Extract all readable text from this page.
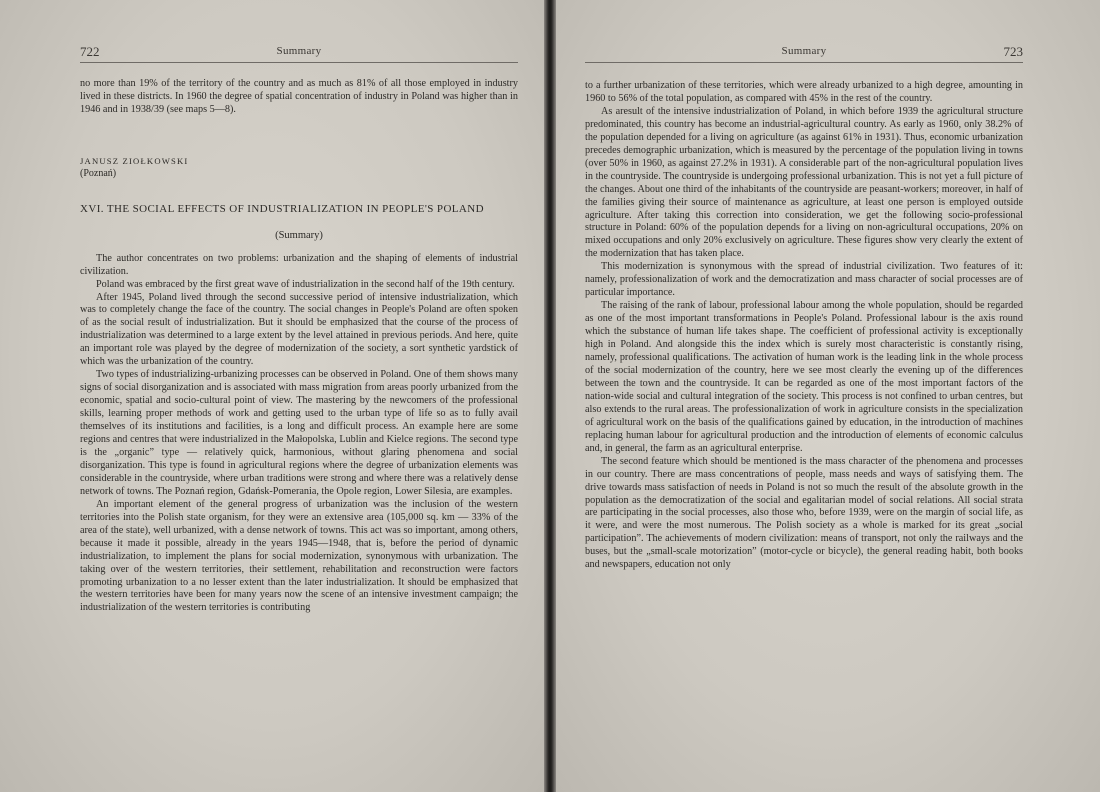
722	Summary

no more than 19% of the territory of the country and as much as 81% of all those employed in industry lived in these districts. In 1960 the degree of spatial concentration of industry in Poland was higher than in 1946 and in 1938/39 (see maps 5—8).

JANUSZ ZIOŁKOWSKI

(Poznań)

XVI. THE SOCIAL EFFECTS OF INDUSTRIALIZATION IN PEOPLE'S POLAND

(Summary)

The author concentrates on two problems: urbanization and the shaping of elements of industrial civilization.

Poland was embraced by the first great wave of industrialization in the second half of the 19th century.

After 1945, Poland lived through the second successive period of intensive industrialization, which was to completely change the face of the country. The social changes in People's Poland are often spoken of as the social result of industrialization. But it should be emphasized that the course of the process of industrialization was determined to a large extent by the level attained in previous periods. And here, quite an important role was played by the degree of modernization of the society, a sort synthetic yardstick of which was the urbanization of the country.

Two types of industrializing-urbanizing processes can be observed in Poland. One of them shows many signs of social disorganization and is associated with mass migration from areas poorly urbanized from the economic, spatial and socio-cultural point of view. The mastering by the newcomers of the professional skills, learning proper methods of work and getting used to the urban type of life so as to fully avail themselves of its institutions and facilities, is a long and difficult process. An example here are some regions and centres that were industrialized in the Małopolska, Lublin and Kielce regions. The second type is the „organic” type — relatively quick, harmonious, without glaring phenomena and social disorganization. This type is found in agricultural regions where the degree of urbanization elements was considerable in the countryside, where urban traditions were strong and where there was a relatively dense network of towns. The Poznań region, Gdańsk-Pomerania, the Opole region, Lower Silesia, are examples.

An important element of the general progress of urbanization was the inclusion of the western territories into the Polish state organism, for they were an extensive area (105,000 sq. km — 33% of the area of the state), well urbanized, with a dense network of towns. This act was so important, among others, because it made it possible, already in the years 1945—1948, that is, before the period of dynamic industrialization, to implement the plans for social modernization, synonymous with urbanization. The taking over of the western territories, their settlement, rehabilitation and reconstruction were factors promoting urbanization to a no lesser extent than the later industrialization. It should be emphasized that the western territories have been for many years now the scene of an intensive investment campaign; the industrialization of the western territories is contributing

Summary	723

to a further urbanization of these territories, which were already urbanized to a high degree, amounting in 1960 to 56% of the total population, as compared with 45% in the rest of the country.

As aresult of the intensive industrialization of Poland, in which before 1939 the agricultural structure predominated, this country has become an industrial-agricultural country. As early as 1960, only 38.2% of the population depended for a living on agriculture (as against 61% in 1931). Thus, economic urbanization precedes demographic urbanization, which is measured by the percentage of the population living in towns (over 50% in 1960, as against 27.2% in 1931). A considerable part of the non-agricultural population lives in the countryside. The countryside is undergoing professional urbanization. This is not yet a full picture of the changes. About one third of the inhabitants of the countryside are peasant-workers; moreover, in half of the families giving their source of maintenance as agriculture, at least one person is employed outside agriculture. After taking this correction into consideration, we get the following socio-professional structure in Poland: 60% of the population depends for a living on non-agricultural occupations, 20% on mixed occupations and only 20% exclusively on agriculture. These figures show very clearly the extent of the modernization that has taken place.

This modernization is synonymous with the spread of industrial civilization. Two features of it: namely, professionalization of work and the democratization and mass character of social processes are of particular importance.

The raising of the rank of labour, professional labour among the whole population, should be regarded as one of the most important transformations in People's Poland. Professional labour is the axis round which the substance of human life takes shape. The coefficient of professional activity is exceptionally high in Poland. And alongside this the index which is surely most characteristic is constantly rising, namely, professional qualifications. The activation of human work is the leading link in the whole process of the social modernization of the country, here we see most clearly the evening up of the differences between the town and the countryside. It can be regarded as one of the most important factors of the nation-wide social and cultural integration of the society. This process is not confined to urban centres, but also extends to the rural areas. The professionalization of work in agriculture consists in the specialization of agricultural work on the basis of the qualifications gained by education, in the introduction of machines replacing human labour for agricultural production and the introduction of elements of economic calculus and, in general, the farm as an agricultural enterprise.

The second feature which should be mentioned is the mass character of the phenomena and processes in our country. There are mass concentrations of people, mass needs and ways of satisfying them. The drive towards mass satisfaction of needs in Poland is not so much the result of the absolute growth in the population as the democratization of the social and egalitarian model of social relations. All social strata are participating in the social processes, also those who, before 1939, were on the margin of social life, as it were, and were the most numerous. The Polish society as a whole is marked for its great „social participation”. The achievements of modern civilization: means of transport, not only the railways and the buses, but the „small-scale motorization” (motor-cycle or bicycle), the general reading habit, both books and newspapers, education not only
